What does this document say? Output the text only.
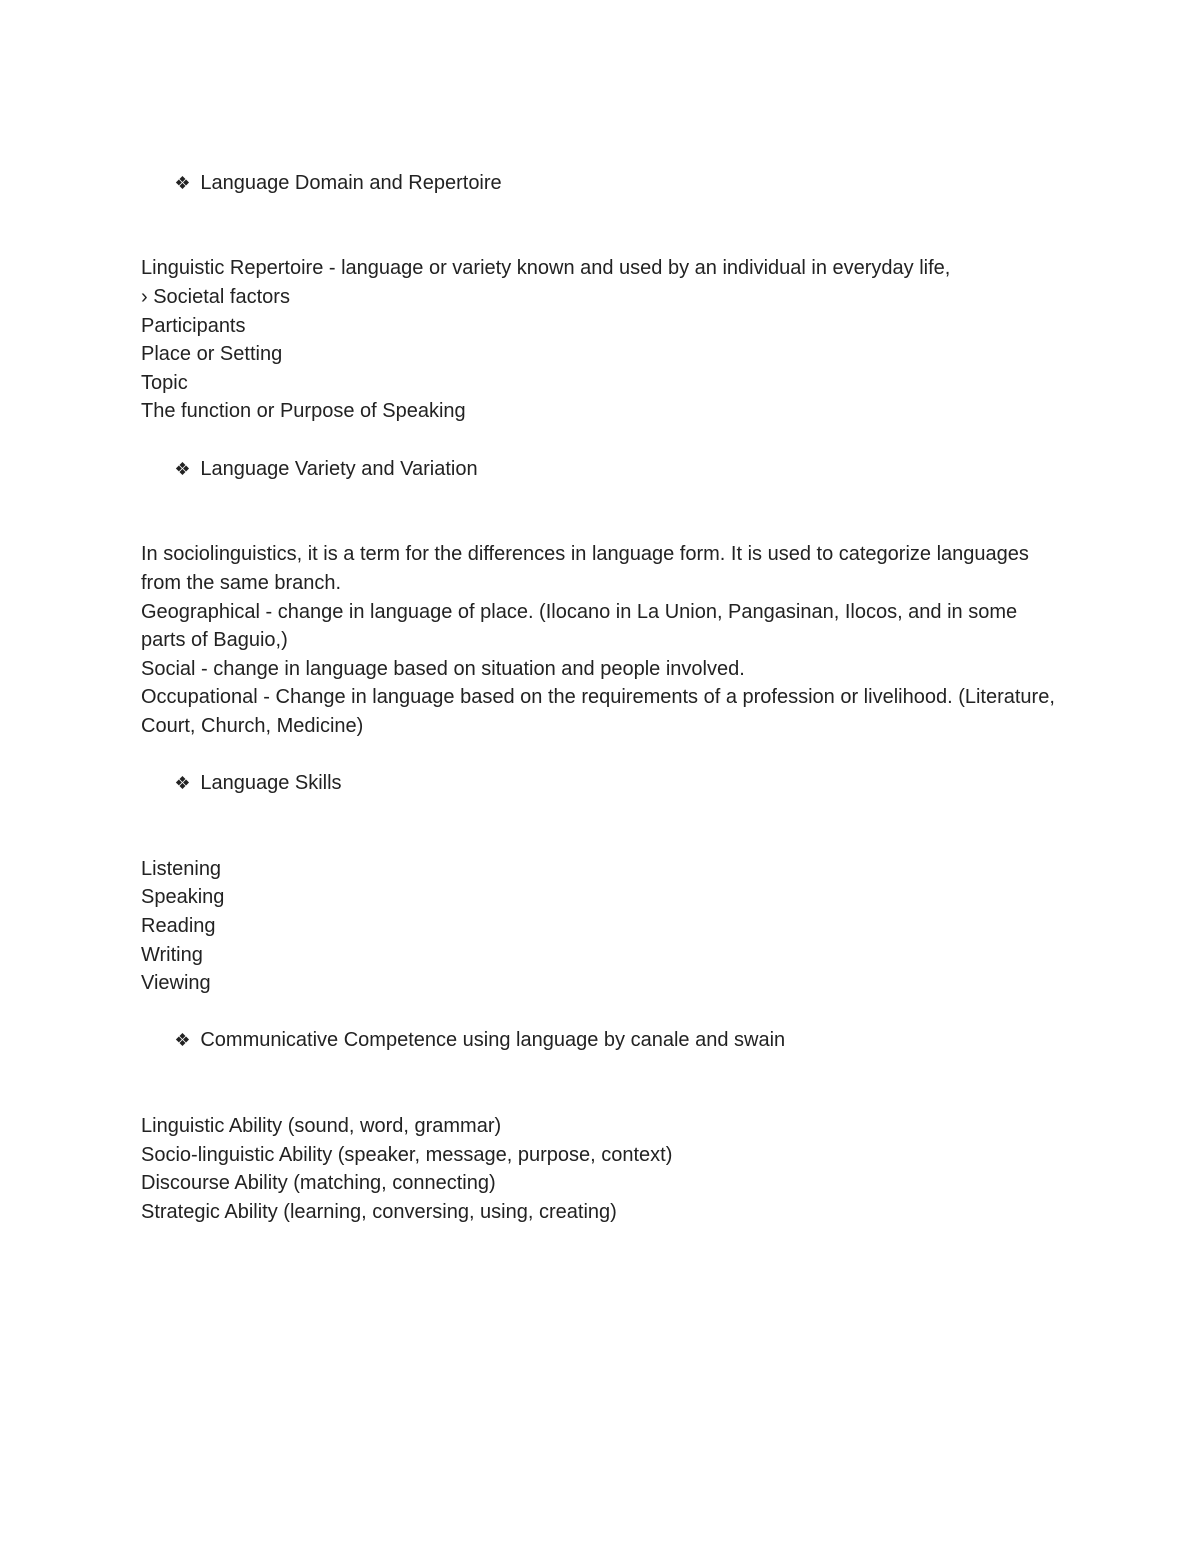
❖ Language Domain and Repertoire

Linguistic Repertoire - language or variety known and used by an individual in everyday life,
› Societal factors
Participants
Place or Setting
Topic
The function or Purpose of Speaking

❖ Language Variety and Variation

In sociolinguistics, it is a term for the differences in language form. It is used to categorize languages from the same branch.
Geographical - change in language of place. (Ilocano in La Union, Pangasinan, Ilocos, and in some parts of Baguio,)
Social - change in language based on situation and people involved.
Occupational - Change in language based on the requirements of a profession or livelihood. (Literature, Court, Church, Medicine)

❖ Language Skills

Listening
Speaking
Reading
Writing
Viewing

❖ Communicative Competence using language by canale and swain

Linguistic Ability (sound, word, grammar)
Socio-linguistic Ability (speaker, message, purpose, context)
Discourse Ability (matching, connecting)
Strategic Ability (learning, conversing, using, creating)
